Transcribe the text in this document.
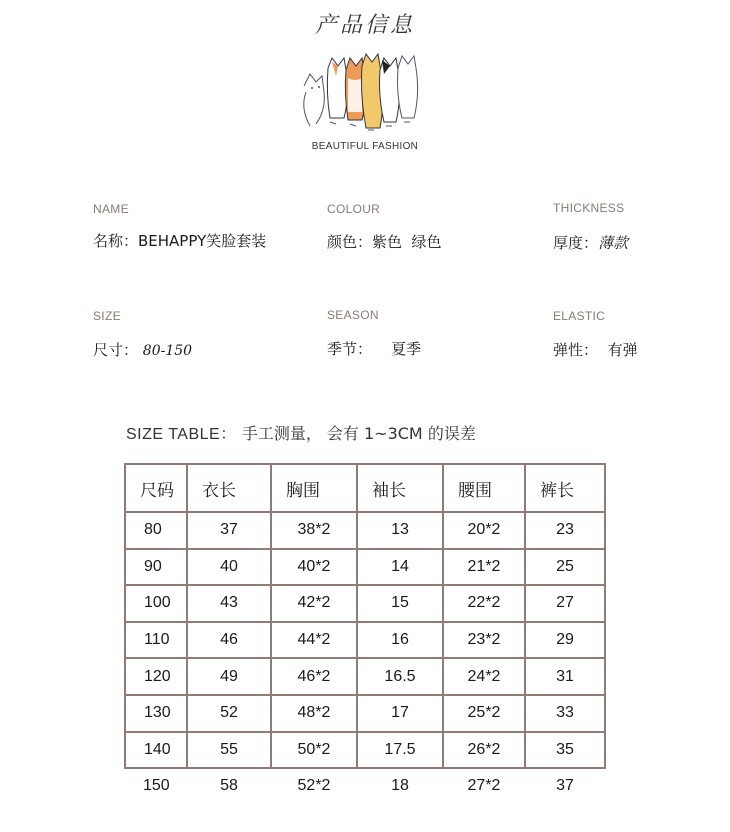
产品信息
BEAUTIFUL FASHION
NAME
名称：BEHAPPY笑脸套装
COLOUR
颜色：紫色  绿色
THICKNESS
厚度：薄款
SIZE
尺寸： 80-150
SEASON
季节： 夏季
ELASTIC
弹性： 有弹
SIZE TABLE： 手工测量， 会有 1~3CM 的误差
尺码	衣长	胸围	袖长	腰围	裤长
80	37	38*2	13	20*2	23
90	40	40*2	14	21*2	25
100	43	42*2	15	22*2	27
110	46	44*2	16	23*2	29
120	49	46*2	16.5	24*2	31
130	52	48*2	17	25*2	33
140	55	50*2	17.5	26*2	35
150	58	52*2	18	27*2	37
